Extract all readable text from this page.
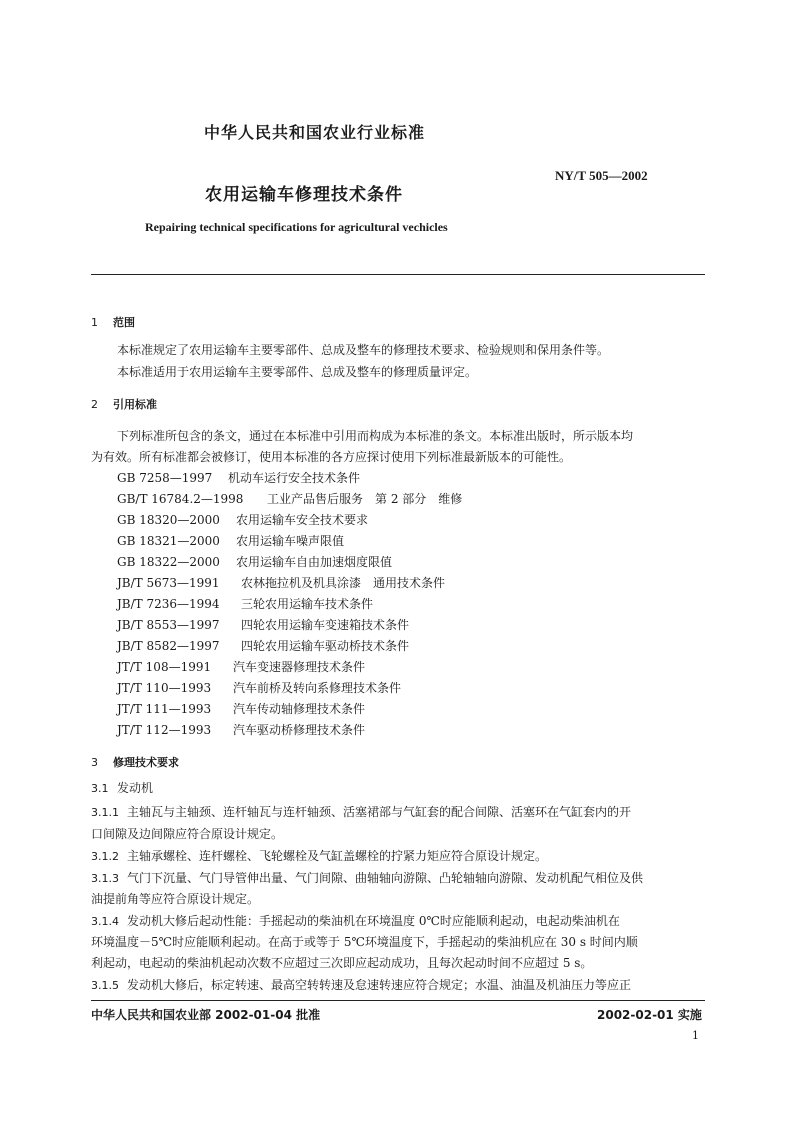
中华人民共和国农业行业标准
NY/T 505—2002
农用运输车修理技术条件
Repairing technical specifications for agricultural vechicles
1 范围
本标准规定了农用运输车主要零部件、总成及整车的修理技术要求、检验规则和保用条件等。
本标准适用于农用运输车主要零部件、总成及整车的修理质量评定。
2 引用标准
下列标准所包含的条文，通过在本标准中引用而构成为本标准的条文。本标准出版时，所示版本均
为有效。所有标准都会被修订，使用本标准的各方应探讨使用下列标准最新版本的可能性。
GB 7258—1997 机动车运行安全技术条件
GB/T 16784.2—1998 工业产品售后服务　第 2 部分　维修
GB 18320—2000 农用运输车安全技术要求
GB 18321—2000 农用运输车噪声限值
GB 18322—2000 农用运输车自由加速烟度限值
JB/T 5673—1991 农林拖拉机及机具涂漆　通用技术条件
JB/T 7236—1994 三轮农用运输车技术条件
JB/T 8553—1997 四轮农用运输车变速箱技术条件
JB/T 8582—1997 四轮农用运输车驱动桥技术条件
JT/T 108—1991 汽车变速器修理技术条件
JT/T 110—1993 汽车前桥及转向系修理技术条件
JT/T 111—1993 汽车传动轴修理技术条件
JT/T 112—1993 汽车驱动桥修理技术条件
3 修理技术要求
3.1 发动机
3.1.1 主轴瓦与主轴颈、连杆轴瓦与连杆轴颈、活塞裙部与气缸套的配合间隙、活塞环在气缸套内的开
口间隙及边间隙应符合原设计规定。
3.1.2 主轴承螺栓、连杆螺栓、飞轮螺栓及气缸盖螺栓的拧紧力矩应符合原设计规定。
3.1.3 气门下沉量、气门导管伸出量、气门间隙、曲轴轴向游隙、凸轮轴轴向游隙、发动机配气相位及供
油提前角等应符合原设计规定。
3.1.4 发动机大修后起动性能：手摇起动的柴油机在环境温度 0℃时应能顺利起动，电起动柴油机在
环境温度－5℃时应能顺利起动。在高于或等于 5℃环境温度下，手摇起动的柴油机应在 30 s 时间内顺
利起动，电起动的柴油机起动次数不应超过三次即应起动成功，且每次起动时间不应超过 5 s。
3.1.5 发动机大修后，标定转速、最高空转转速及怠速转速应符合规定；水温、油温及机油压力等应正
中华人民共和国农业部 2002-01-04 批准	2002-02-01 实施
1
